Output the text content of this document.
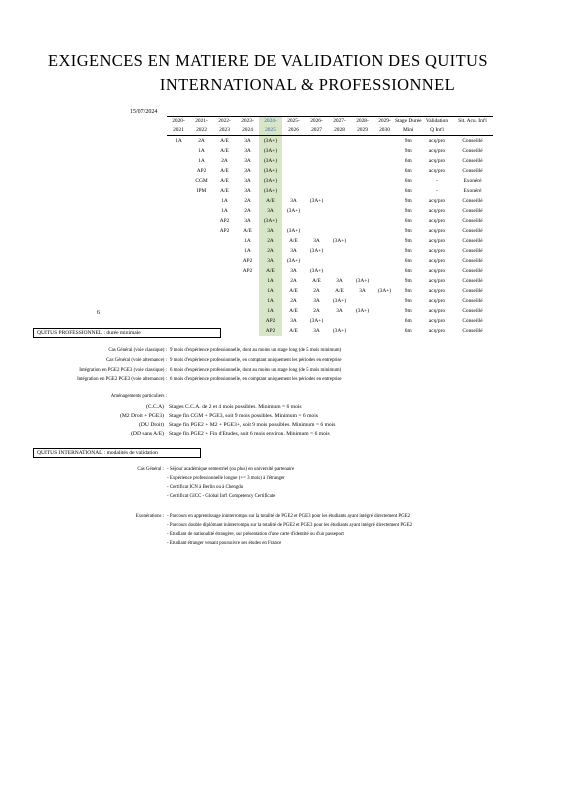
EXIGENCES EN MATIERE DE VALIDATION DES QUITUS
INTERNATIONAL & PROFESSIONNEL
15/07/2024
6
2020-	2021-	2022-	2023-	2024-	2025-	2026-	2027-	2028-	2029-	Stage Durée	Validation	Sit. Acu. Int'l
2021	2022	2023	2024	2025	2026	2027	2028	2029	2030	Mini	Q Int'l	
1A	2A	A/E	3A	(3A+)						9m	acq/pro	Conseillé
	1A	A/E	3A	(3A+)						9m	acq/pro	Conseillé
	1A	2A	3A	(3A+)						6m	acq/pro	Conseillé
	AP2	A/E	3A	(3A+)						6m	acq/pro	Conseillé
	CGM	A/E	3A	(3A+)						6m	-	Exonéré
	IPM	A/E	3A	(3A+)						6m	-	Exonéré
		1A	2A	A/E	3A	(3A+)				9m	acq/pro	Conseillé
		1A	2A	3A	(3A+)					9m	acq/pro	Conseillé
		AP2	3A	(3A+)						6m	acq/pro	Conseillé
		AP2	A/E	3A	(3A+)					9m	acq/pro	Conseillé
			1A	2A	A/E	3A	(3A+)			9m	acq/pro	Conseillé
			1A	2A	3A	(3A+)				9m	acq/pro	Conseillé
			AP2	3A	(3A+)					6m	acq/pro	Conseillé
			AP2	A/E	3A	(3A+)				6m	acq/pro	Conseillé
				1A	2A	A/E	3A	(3A+)		9m	acq/pro	Conseillé
				1A	A/E	2A	A/E	3A	(3A+)	9m	acq/pro	Conseillé
				1A	2A	3A	(3A+)			9m	acq/pro	Conseillé
				1A	A/E	2A	3A	(3A+)		9m	acq/pro	Conseillé
				AP2	3A	(3A+)				6m	acq/pro	Conseillé
				AP2	A/E	3A	(3A+)			6m	acq/pro	Conseillé
QUITUS PROFESSIONNEL : durée minimale
Cas Général (voie classique) : 9 mois d'expérience professionnelle, dont au moins un stage long (de 5 mois minimum)
Cas Général (voie alternance) : 9 mois d'expérience professionnelle, en comptant uniquement les périodes en entreprise
Intégration en PGE2 PGE3 (voie classique) : 6 mois d'expérience professionnelle, dont au moins un stage long (de 5 mois minimum)
Intégration en PGE2 PGE3 (voie alternance) : 6 mois d'expérience professionnelle, en comptant uniquement les périodes en entreprise
Aménagements particuliers :
(C.C.A) Stages C.C.A. de 2 et 4 mois possibles. Minimum = 6 mois
(M2 Droit + PGE3) Stage fin CGM + PGE3, soit 9 mois possibles. Minimum = 6 mois
(DU Droit) Stage fin PGE2 + M2 + PGE3+, soit 9 mois possibles. Minimum = 6 mois
(DD sans A/E) Stage fin PGE2 + Fin d'Etudes, soit 6 mois environ. Minimum = 6 mois
QUITUS INTERNATIONAL : modalités de validation
Cas Général : - Séjour académique semestriel (ou plus) en université partenaire
- Expérience professionnelle longue (+= 3 mois) à l'étranger
- Certificat ICN à Berlin ou à Chengdu
- Certificat GICC - Global Int'l Competency Certificate
Exonérations : - Parcours en apprentissage ininterrompu sur la totalité de PGE2 et PGE3 pour les étudiants ayant intégré directement PGE2
- Parcours double diplômant ininterrompu sur la totalité de PGE2 et PGE3 pour les étudiants ayant intégré directement PGE2
- Etudiant de nationalité étrangère, sur présentation d'une carte d'identité ou d'un passeport
- Etudiant étranger venant poursuivre ses études en France
